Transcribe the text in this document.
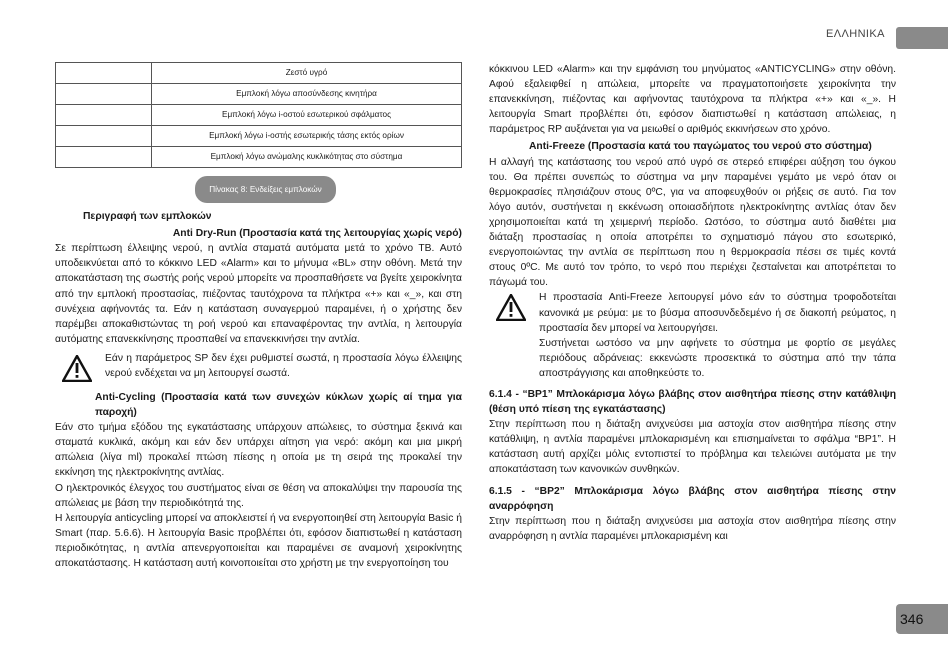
ΕΛΛΗΝΙΚΑ
	Ζεστό υγρό
	Εμπλοκή λόγω αποσύνδεσης κινητήρα
	Εμπλοκή λόγω i-οστού εσωτερικού σφάλματος
	Εμπλοκή λόγω i-οστής εσωτερικής τάσης εκτός ορίων
	Εμπλοκή λόγω ανώμαλης κυκλικότητας στο σύστημα
Πίνακας 8: Ενδείξεις εμπλοκών

Περιγραφή των εμπλοκών

Anti Dry-Run (Προστασία κατά της λειτουργίας χωρίς νερό)

Σε περίπτωση έλλειψης νερού, η αντλία σταματά αυτόματα μετά το χρόνο TB. Αυτό υποδεικνύεται από το κόκκινο LED «Alarm» και το μήνυμα «BL» στην οθόνη. Μετά την αποκατάσταση της σωστής ροής νερού μπορείτε να προσπαθήσετε να βγείτε χειροκίνητα από την εμπλοκή προστασίας, πιέζοντας ταυτόχρονα τα πλήκτρα «+» και «_», και στη συνέχεια αφήνοντάς τα. Εάν η κατάσταση συναγερμού παραμένει, ή ο χρήστης δεν παρέμβει αποκαθιστώντας τη ροή νερού και επαναφέροντας την αντλία, η λειτουργία αυτόματης επανεκκίνησης προσπαθεί να επανεκκινήσει την αντλία.

Εάν η παράμετρος SP δεν έχει ρυθμιστεί σωστά, η προστασία λόγω έλλειψης νερού ενδέχεται να μη λειτουργεί σωστά.

Anti-Cycling (Προστασία κατά των συνεχών κύκλων χωρίς αί τημα για παροχή)

Εάν στο τμήμα εξόδου της εγκατάστασης υπάρχουν απώλειες, το σύστημα ξεκινά και σταματά κυκλικά, ακόμη και εάν δεν υπάρχει αίτηση για νερό: ακόμη και μια μικρή απώλεια (λίγα ml) προκαλεί πτώση πίεσης η οποία με τη σειρά της προκαλεί την εκκίνηση της ηλεκτροκίνητης αντλίας.

Ο ηλεκτρονικός έλεγχος του συστήματος είναι σε θέση να αποκαλύψει την παρουσία της απώλειας με βάση την περιοδικότητά της.

Η λειτουργία anticycling μπορεί να αποκλειστεί ή να ενεργοποιηθεί στη λειτουργία Basic ή Smart (παρ. 5.6.6). Η λειτουργία Basic προβλέπει ότι, εφόσον διαπιστωθεί η κατάσταση περιοδικότητας, η αντλία απενεργοποιείται και παραμένει σε αναμονή χειροκίνητης αποκατάστασης. Η κατάσταση αυτή κοινοποιείται στο χρήστη με την ενεργοποίηση του

κόκκινου LED «Alarm» και την εμφάνιση του μηνύματος «ANTICYCLING» στην οθόνη. Αφού εξαλειφθεί η απώλεια, μπορείτε να πραγματοποιήσετε χειροκίνητα την επανεκκίνηση, πιέζοντας και αφήνοντας ταυτόχρονα τα πλήκτρα «+» και «_». Η λειτουργία Smart προβλέπει ότι, εφόσον διαπιστωθεί η κατάσταση απώλειας, η παράμετρος RP αυξάνεται για να μειωθεί ο αριθμός εκκινήσεων στο χρόνο.

Anti-Freeze (Προστασία κατά του παγώματος του νερού στο σύστημα)

Η αλλαγή της κατάστασης του νερού από υγρό σε στερεό επιφέρει αύξηση του όγκου του. Θα πρέπει συνεπώς το σύστημα να μην παραμένει γεμάτο με νερό όταν οι θερμοκρασίες πλησιάζουν στους 0ºC, για να αποφευχθούν οι ρήξεις σε αυτό. Για τον λόγο αυτόν, συστήνεται η εκκένωση οποιασδήποτε ηλεκτροκίνητης αντλίας όταν δεν χρησιμοποιείται κατά τη χειμερινή περίοδο. Ωστόσο, το σύστημα αυτό διαθέτει μια διάταξη προστασίας η οποία αποτρέπει το σχηματισμό πάγου στο εσωτερικό, ενεργοποιώντας την αντλία σε περίπτωση που η θερμοκρασία πέσει σε τιμές κοντά στους 0ºC. Με αυτό τον τρόπο, το νερό που περιέχει ζεσταίνεται και αποτρέπεται το πάγωμά του.

Η προστασία Anti-Freeze λειτουργεί μόνο εάν το σύστημα τροφοδοτείται κανονικά με ρεύμα: με το βύσμα αποσυνδεδεμένο ή σε διακοπή ρεύματος, η προστασία δεν μπορεί να λειτουργήσει.

Συστήνεται ωστόσο να μην αφήνετε το σύστημα με φορτίο σε μεγάλες περιόδους αδράνειας: εκκενώστε προσεκτικά το σύστημα από την τάπα αποστράγγισης και αποθηκεύστε το.

6.1.4 - “BP1” Μπλοκάρισμα λόγω βλάβης στον αισθητήρα πίεσης στην κατάθλιψη (θέση υπό πίεση της εγκατάστασης)

Στην περίπτωση που η διάταξη ανιχνεύσει μια αστοχία στον αισθητήρα πίεσης στην κατάθλιψη, η αντλία παραμένει μπλοκαρισμένη και επισημαίνεται το σφάλμα “BP1”. Η κατάσταση αυτή αρχίζει μόλις εντοπιστεί το πρόβλημα και τελειώνει αυτόματα με την αποκατάσταση των κανονικών συνθηκών.

6.1.5 - “BP2” Μπλοκάρισμα λόγω βλάβης στον αισθητήρα πίεσης στην αναρρόφηση

Στην περίπτωση που η διάταξη ανιχνεύσει μια αστοχία στον αισθητήρα πίεσης στην αναρρόφηση η αντλία παραμένει μπλοκαρισμένη και

346
